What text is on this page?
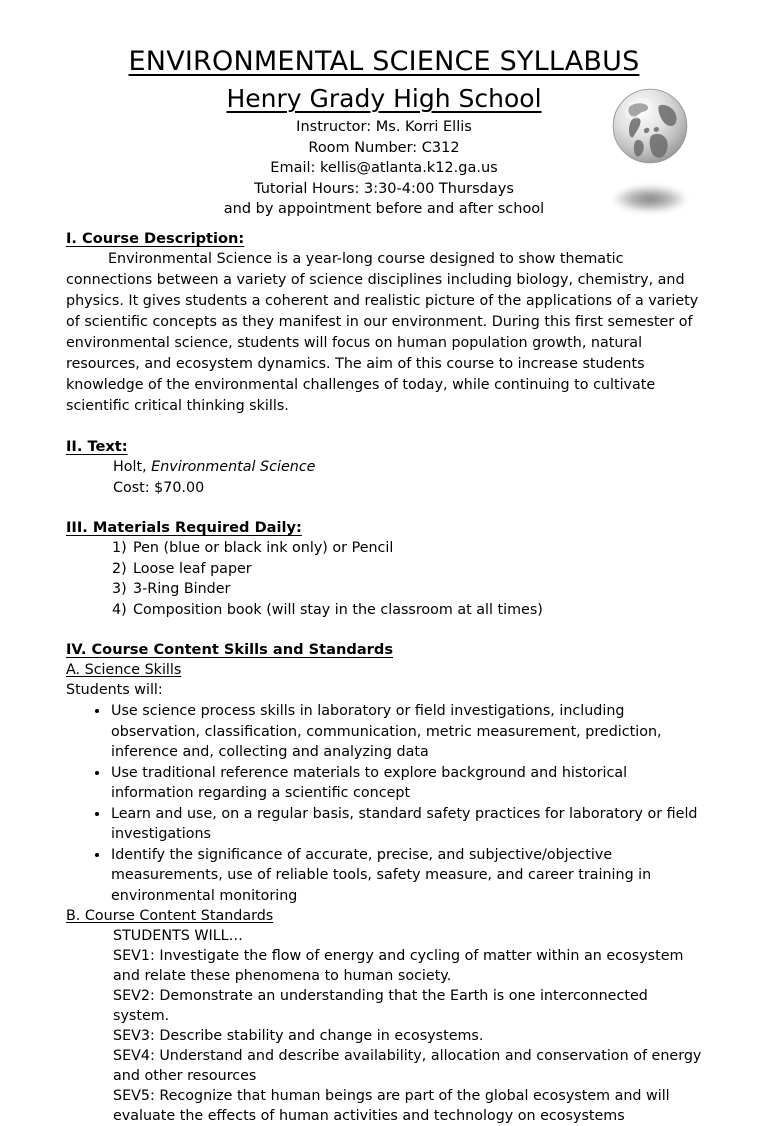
ENVIRONMENTAL SCIENCE SYLLABUS
Henry Grady High School
Instructor: Ms. Korri Ellis
Room Number: C312
Email: kellis@atlanta.k12.ga.us
Tutorial Hours: 3:30-4:00 Thursdays
and by appointment before and after school

I. Course Description:

Environmental Science is a year-long course designed to show thematic connections between a variety of science disciplines including biology, chemistry, and physics. It gives students a coherent and realistic picture of the applications of a variety of scientific concepts as they manifest in our environment. During this first semester of environmental science, students will focus on human population growth, natural resources, and ecosystem dynamics. The aim of this course to increase students knowledge of the environmental challenges of today, while continuing to cultivate scientific critical thinking skills.

II. Text:

Holt, Environmental Science
Cost: $70.00

III. Materials Required Daily:

1) Pen (blue or black ink only) or Pencil
2) Loose leaf paper
3) 3-Ring Binder
4) Composition book (will stay in the classroom at all times)

IV. Course Content Skills and Standards

A. Science Skills

Students will:

Use science process skills in laboratory or field investigations, including observation, classification, communication, metric measurement, prediction, inference and, collecting and analyzing data
Use traditional reference materials to explore background and historical information regarding a scientific concept
Learn and use, on a regular basis, standard safety practices for laboratory or field investigations
Identify the significance of accurate, precise, and subjective/objective measurements, use of reliable tools, safety measure, and career training in environmental monitoring

B. Course Content Standards

STUDENTS WILL…

SEV1: Investigate the flow of energy and cycling of matter within an ecosystem and relate these phenomena to human society.

SEV2: Demonstrate an understanding that the Earth is one interconnected system.

SEV3: Describe stability and change in ecosystems.

SEV4: Understand and describe availability, allocation and conservation of energy and other resources

SEV5: Recognize that human beings are part of the global ecosystem and will evaluate the effects of human activities and technology on ecosystems
